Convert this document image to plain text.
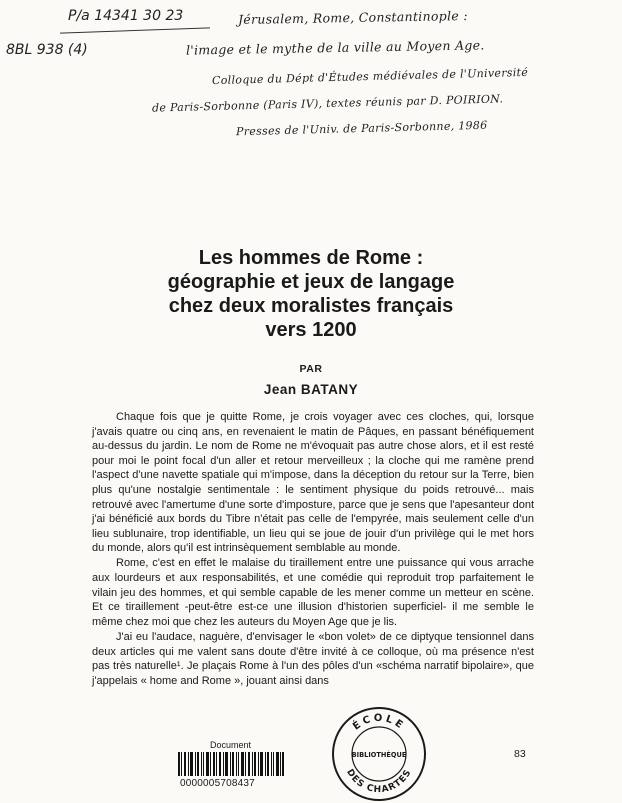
P/a 14341 30 23
8BL 938 (4)
Jérusalem, Rome, Constantinople :
l'image et le mythe de la ville au Moyen Age.
Colloque du Dépt d'Études médiévales de l'Université
de Paris-Sorbonne (Paris IV), textes réunis par D. POIRION.
Presses de l'Univ. de Paris-Sorbonne, 1986
Les hommes de Rome :
géographie et jeux de langage
chez deux moralistes français
vers 1200
PAR
Jean BATANY

Chaque fois que je quitte Rome, je crois voyager avec ces cloches, qui, lorsque j'avais quatre ou cinq ans, en revenaient le matin de Pâques, en passant bénéfiquement au-dessus du jardin. Le nom de Rome ne m'évoquait pas autre chose alors, et il est resté pour moi le point focal d'un aller et retour merveilleux ; la cloche qui me ramène prend l'aspect d'une navette spatiale qui m'impose, dans la déception du retour sur la Terre, bien plus qu'une nostalgie sentimentale : le sentiment physique du poids retrouvé... mais retrouvé avec l'amertume d'une sorte d'imposture, parce que je sens que l'apesanteur dont j'ai bénéficié aux bords du Tibre n'était pas celle de l'empyrée, mais seulement celle d'un lieu sublunaire, trop identifiable, un lieu qui se joue de jouir d'un privilège qui le met hors du monde, alors qu'il est intrinsèquement semblable au monde.

Rome, c'est en effet le malaise du tiraillement entre une puissance qui vous arrache aux lourdeurs et aux responsabilités, et une comédie qui reproduit trop parfaitement le vilain jeu des hommes, et qui semble capable de les mener comme un metteur en scène. Et ce tiraillement -peut-être est-ce une illusion d'historien superficiel- il me semble le même chez moi que chez les auteurs du Moyen Age que je lis.

J'ai eu l'audace, naguère, d'envisager le «bon volet» de ce diptyque tensionnel dans deux articles qui me valent sans doute d'être invité à ce colloque, où ma présence n'est pas très naturelle¹. Je plaçais Rome à l'un des pôles d'un «schéma narratif bipolaire», que j'appelais « home and Rome », jouant ainsi dans

Document
0000005708437
ÉCOLE
DES CHARTES
BIBLIOTHÈQUE	83
